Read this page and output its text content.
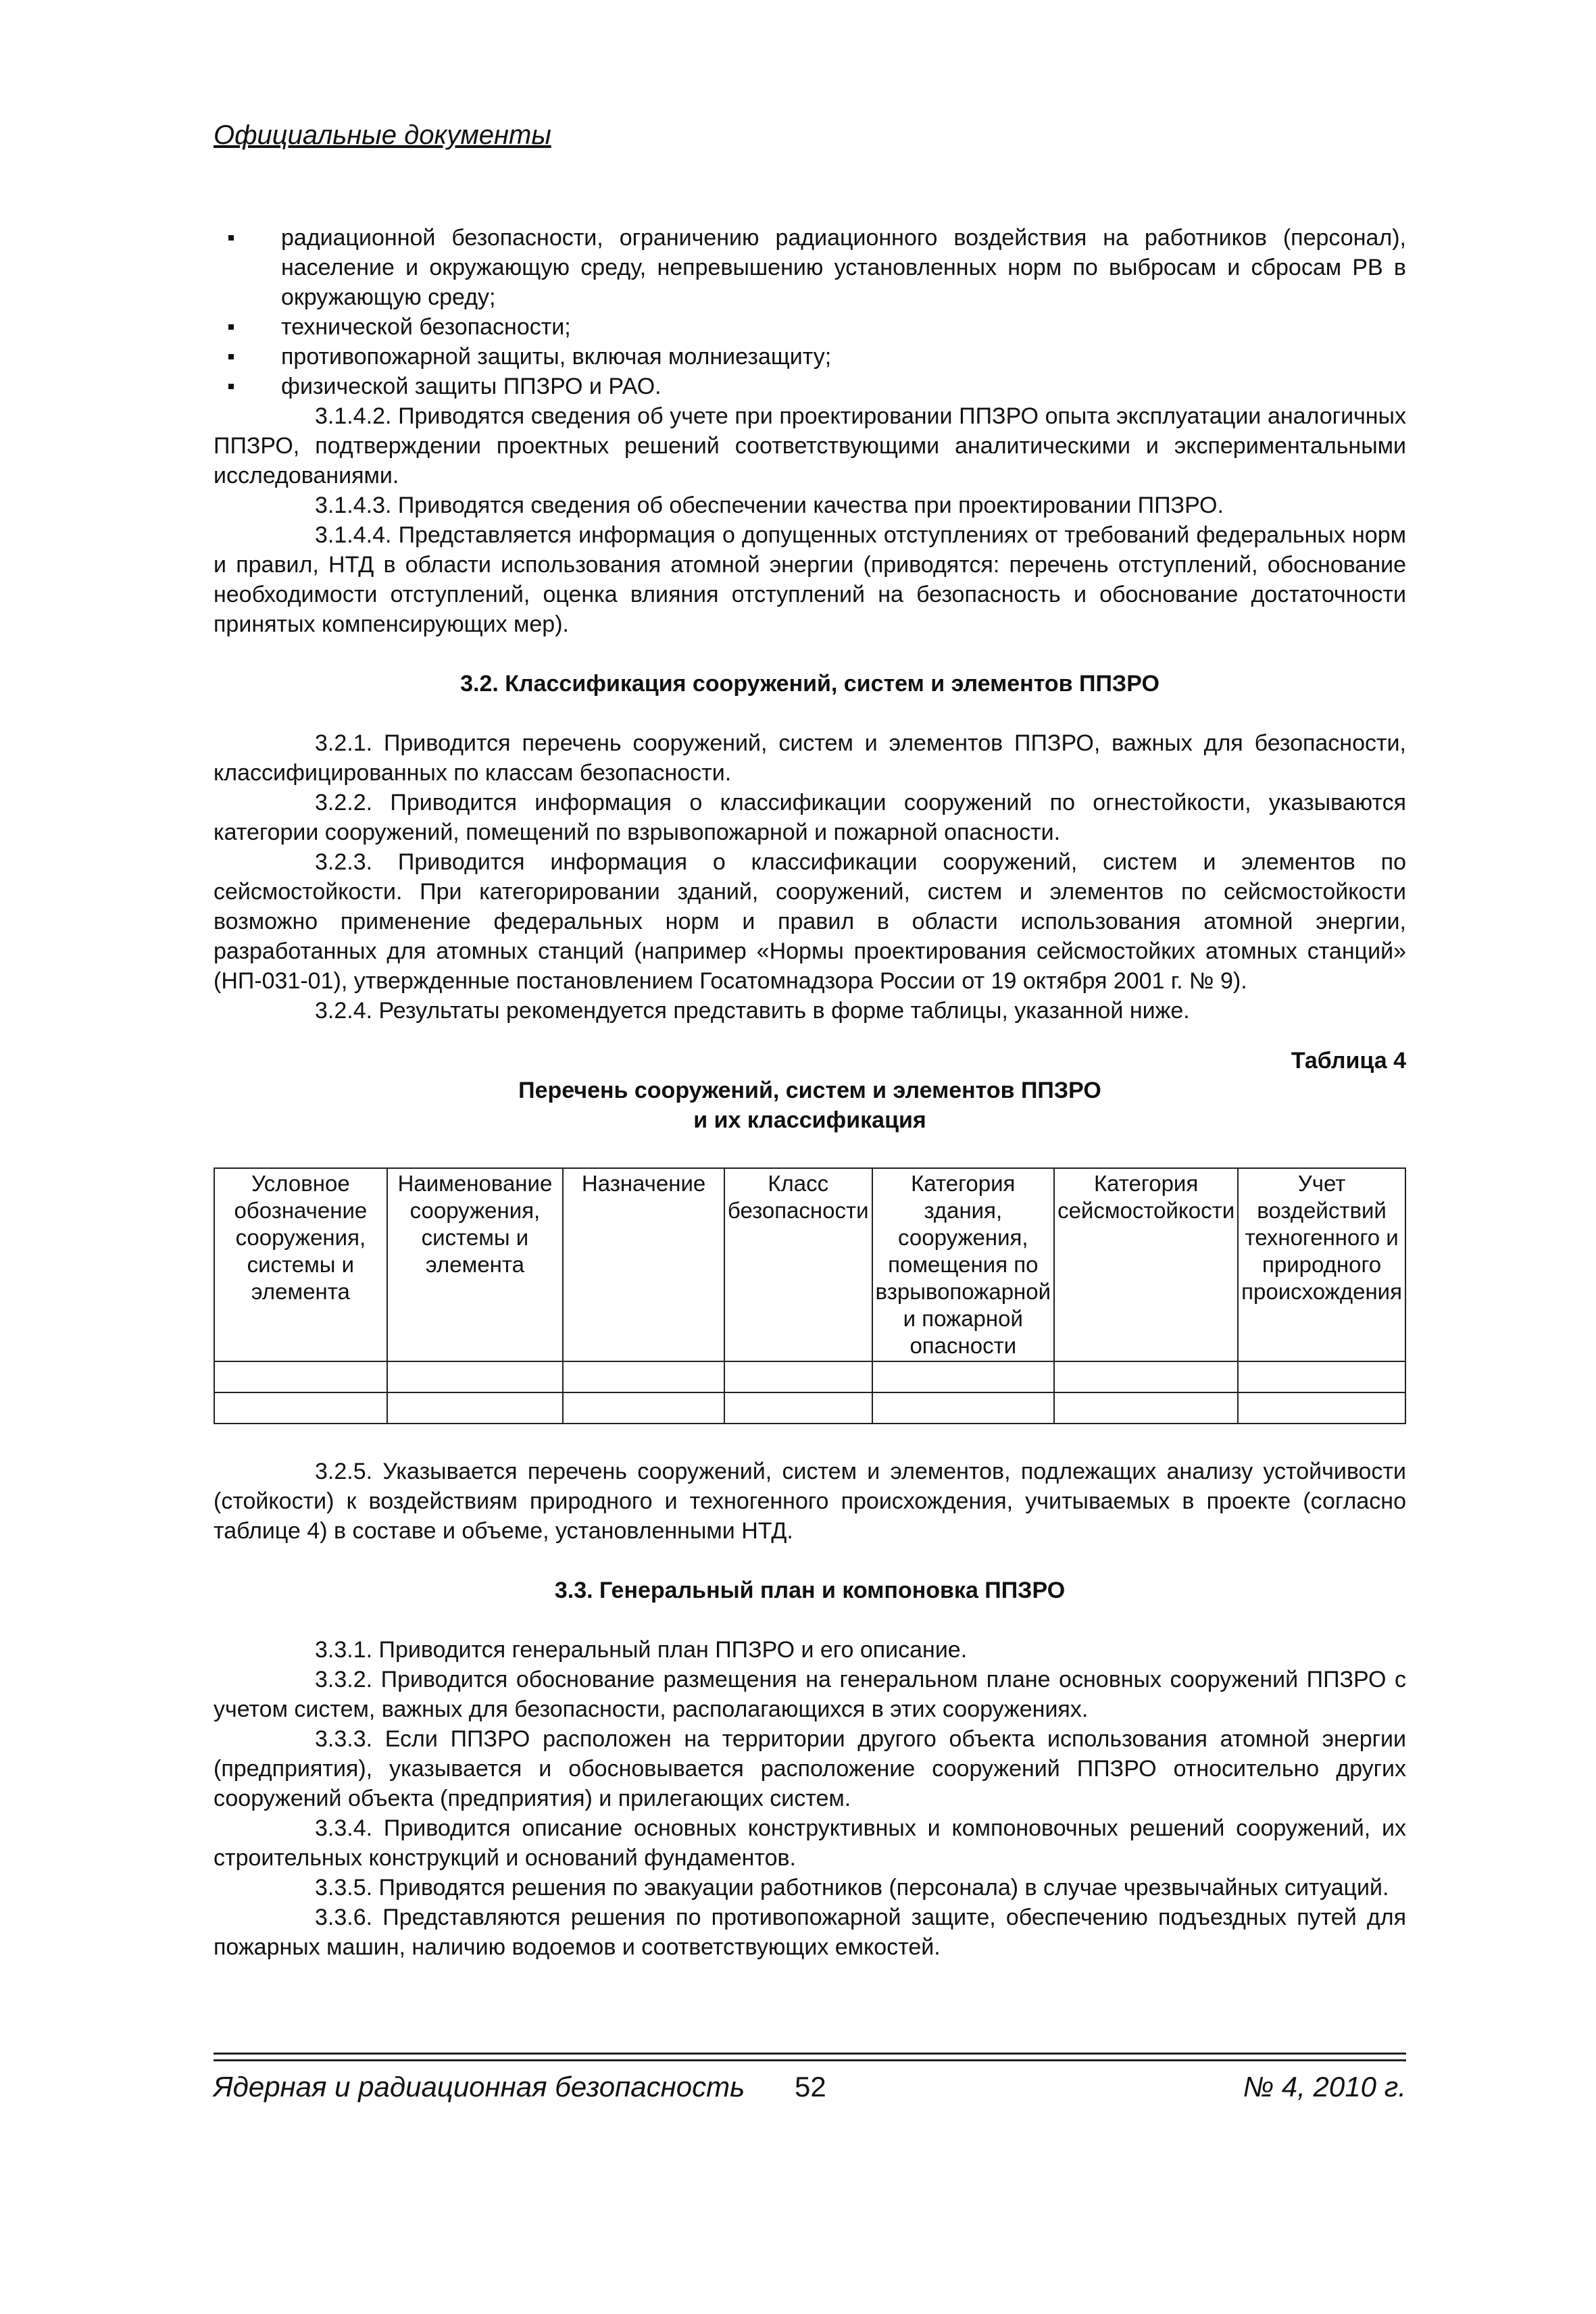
Официальные документы
радиационной безопасности, ограничению радиационного воздействия на работников (персонал), население и окружающую среду, непревышению установленных норм по выбросам и сбросам РВ в окружающую среду;
технической безопасности;
противопожарной защиты, включая молниезащиту;
физической защиты ППЗРО и РАО.

3.1.4.2. Приводятся сведения об учете при проектировании ППЗРО опыта эксплуатации аналогичных ППЗРО, подтверждении проектных решений соответствующими аналитическими и экспериментальными исследованиями.

3.1.4.3. Приводятся сведения об обеспечении качества при проектировании ППЗРО.

3.1.4.4. Представляется информация о допущенных отступлениях от требований федеральных норм и правил, НТД в области использования атомной энергии (приводятся: перечень отступлений, обоснование необходимости отступлений, оценка влияния отступлений на безопасность и обоснование достаточности принятых компенсирующих мер).

3.2. Классификация сооружений, систем и элементов ППЗРО

3.2.1. Приводится перечень сооружений, систем и элементов ППЗРО, важных для безопасности, классифицированных по классам безопасности.

3.2.2. Приводится информация о классификации сооружений по огнестойкости, указываются категории сооружений, помещений по взрывопожарной и пожарной опасности.

3.2.3. Приводится информация о классификации сооружений, систем и элементов по сейсмостойкости. При категорировании зданий, сооружений, систем и элементов по сейсмостойкости возможно применение федеральных норм и правил в области использования атомной энергии, разработанных для атомных станций (например «Нормы проектирования сейсмостойких атомных станций» (НП-031-01), утвержденные постановлением Госатомнадзора России от 19 октября 2001 г. № 9).

3.2.4. Результаты рекомендуется представить в форме таблицы, указанной ниже.

Таблица 4

Перечень сооружений, систем и элементов ППЗРО

и их классификация

Условное обозначение сооружения, системы и элемента	Наименование сооружения, системы и элемента	Назначение	Класс безопасности	Категория здания, сооружения, помещения по взрывопожарной и пожарной опасности	Категория сейсмостойкости	Учет воздействий техногенного и природного происхождения

3.2.5. Указывается перечень сооружений, систем и элементов, подлежащих анализу устойчивости (стойкости) к воздействиям природного и техногенного происхождения, учитываемых в проекте (согласно таблице 4) в составе и объеме, установленными НТД.

3.3. Генеральный план и компоновка ППЗРО

3.3.1. Приводится генеральный план ППЗРО и его описание.

3.3.2. Приводится обоснование размещения на генеральном плане основных сооружений ППЗРО с учетом систем, важных для безопасности, располагающихся в этих сооружениях.

3.3.3. Если ППЗРО расположен на территории другого объекта использования атомной энергии (предприятия), указывается и обосновывается расположение сооружений ППЗРО относительно других сооружений объекта (предприятия) и прилегающих систем.

3.3.4. Приводится описание основных конструктивных и компоновочных решений сооружений, их строительных конструкций и оснований фундаментов.

3.3.5. Приводятся решения по эвакуации работников (персонала) в случае чрезвычайных ситуаций.

3.3.6. Представляются решения по противопожарной защите, обеспечению подъездных путей для пожарных машин, наличию водоемов и соответствующих емкостей.

Ядерная и радиационная безопасность 52	№ 4, 2010 г.
